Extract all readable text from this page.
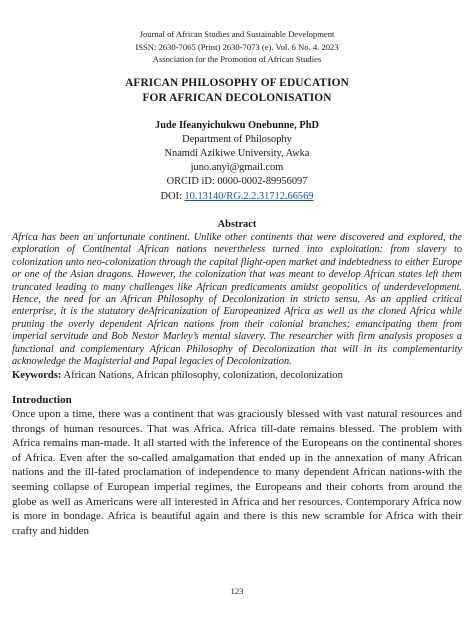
Journal of African Studies and Sustainable Development
ISSN: 2630-7065 (Print) 2630-7073 (e). Vol. 6 No. 4. 2023
Association for the Promotion of African Studies
AFRICAN PHILOSOPHY OF EDUCATION
FOR AFRICAN DECOLONISATION
Jude Ifeanyichukwu Onebunne, PhD
Department of Philosophy
Nnamdi Azikiwe University, Awka
juno.anyi@gmail.com
ORCID iD: 0000-0002-89956097
DOI: 10.13140/RG.2.2.31712.66569
Abstract

Africa has been an unfortunate continent. Unlike other continents that were discovered and explored, the exploration of Continental African nations nevertheless turned into exploitation: from slavery to colonization unto neo-colonization through the capital flight-open market and indebtedness to either Europe or one of the Asian dragons. However, the colonization that was meant to develop African states left them truncated leading to many challenges like African predicaments amidst geopolitics of underdevelopment. Hence, the need for an African Philosophy of Decolonization in stricto sensu. As an applied critical enterprise, it is the statutory deAfricanization of Europeanized Africa as well as the cloned Africa while pruning the overly dependent African nations from their colonial branches; emancipating them from imperial servitude and Bob Nestor Marley’s mental slavery. The researcher with firm analysis proposes a functional and complementary African Philosophy of Decolonization that will in its complementarity acknowledge the Magisterial and Papal legacies of Decolonization.

Keywords: African Nations, African philosophy, colonization, decolonization
Introduction

Once upon a time, there was a continent that was graciously blessed with vast natural resources and throngs of human resources. That was Africa. Africa till-date remains blessed. The problem with Africa remains man-made. It all started with the inference of the Europeans on the continental shores of Africa. Even after the so-called amalgamation that ended up in the annexation of many African nations and the ill-fated proclamation of independence to many dependent African nations-with the seeming collapse of European imperial regimes, the Europeans and their cohorts from around the globe as well as Americans were all interested in Africa and her resources. Contemporary Africa now is more in bondage. Africa is beautiful again and there is this new scramble for Africa with their crafty and hidden

123
